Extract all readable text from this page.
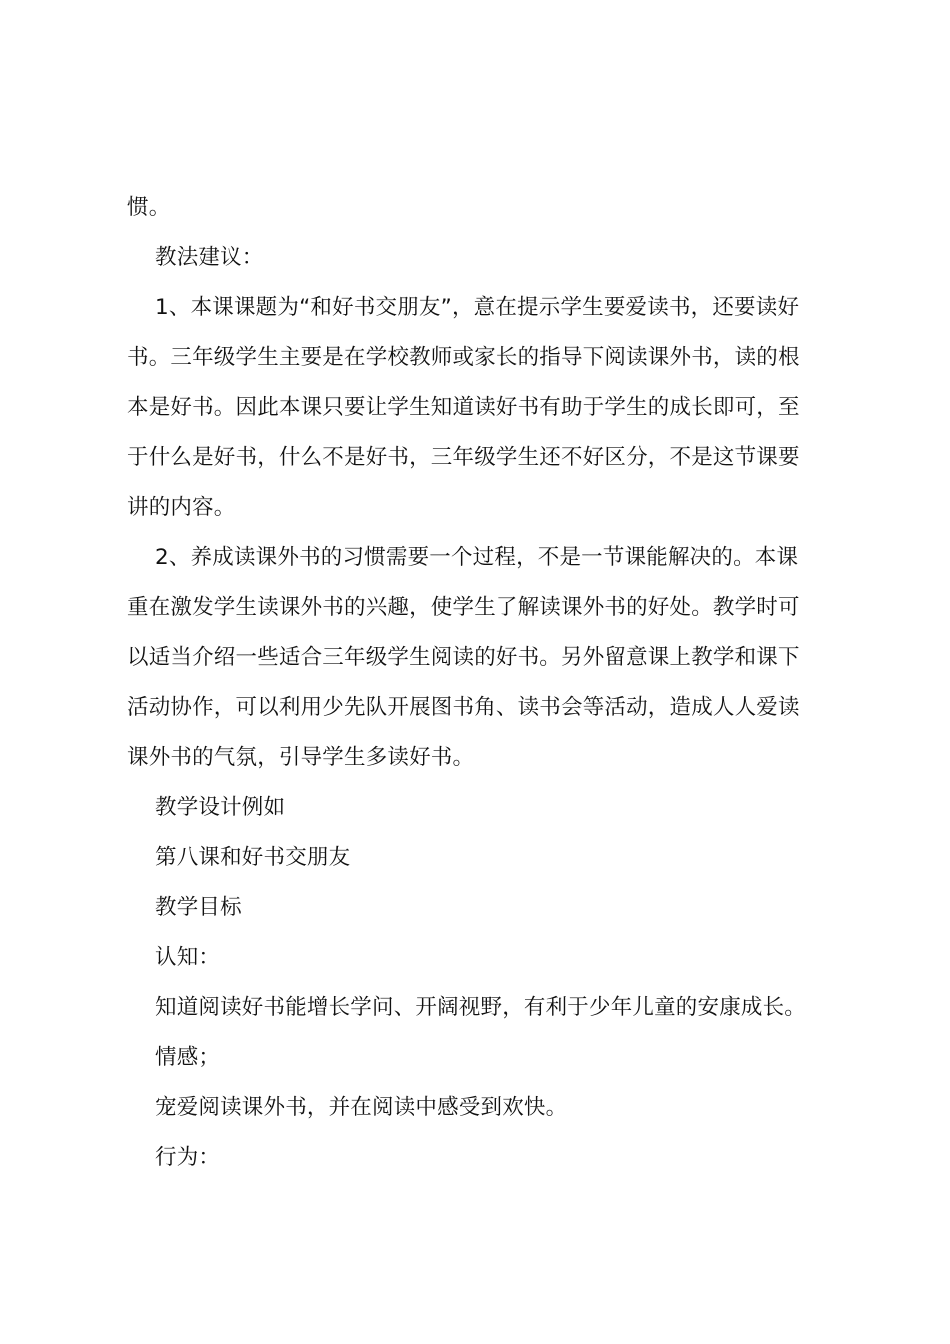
惯。
教法建议：
1、本课课题为“和好书交朋友”，意在提示学生要爱读书，还要读好
书。三年级学生主要是在学校教师或家长的指导下阅读课外书，读的根
本是好书。因此本课只要让学生知道读好书有助于学生的成长即可，至
于什么是好书，什么不是好书，三年级学生还不好区分，不是这节课要
讲的内容。
2、养成读课外书的习惯需要一个过程，不是一节课能解决的。本课
重在激发学生读课外书的兴趣，使学生了解读课外书的好处。教学时可
以适当介绍一些适合三年级学生阅读的好书。另外留意课上教学和课下
活动协作，可以利用少先队开展图书角、读书会等活动，造成人人爱读
课外书的气氛，引导学生多读好书。
教学设计例如
第八课和好书交朋友
教学目标
认知：
知道阅读好书能增长学问、开阔视野，有利于少年儿童的安康成长。
情感；
宠爱阅读课外书，并在阅读中感受到欢快。
行为：
